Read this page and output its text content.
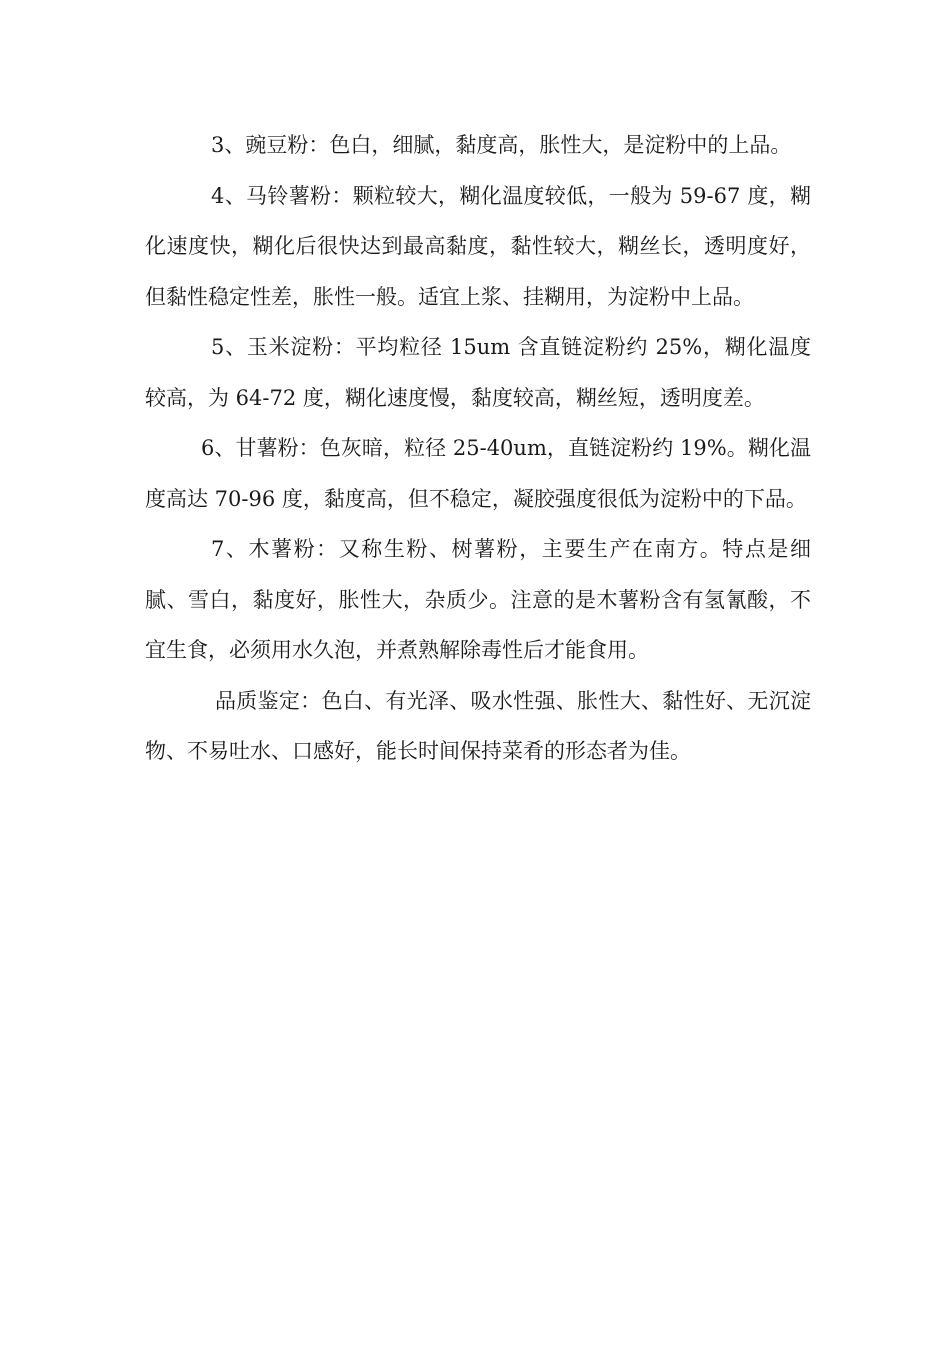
3、豌豆粉：色白，细腻，黏度高，胀性大，是淀粉中的上品。

4、马铃薯粉：颗粒较大，糊化温度较低，一般为 59-67 度，糊化速度快，糊化后很快达到最高黏度，黏性较大，糊丝长，透明度好，但黏性稳定性差，胀性一般。适宜上浆、挂糊用，为淀粉中上品。

5、玉米淀粉：平均粒径 15um 含直链淀粉约 25%，糊化温度较高，为 64-72 度，糊化速度慢，黏度较高，糊丝短，透明度差。

6、甘薯粉：色灰暗，粒径 25-40um，直链淀粉约 19%。糊化温度高达 70-96 度，黏度高，但不稳定，凝胶强度很低为淀粉中的下品。

7、木薯粉：又称生粉、树薯粉，主要生产在南方。特点是细腻、雪白，黏度好，胀性大，杂质少。注意的是木薯粉含有氢氰酸，不宜生食，必须用水久泡，并煮熟解除毒性后才能食用。

品质鉴定：色白、有光泽、吸水性强、胀性大、黏性好、无沉淀物、不易吐水、口感好，能长时间保持菜肴的形态者为佳。
